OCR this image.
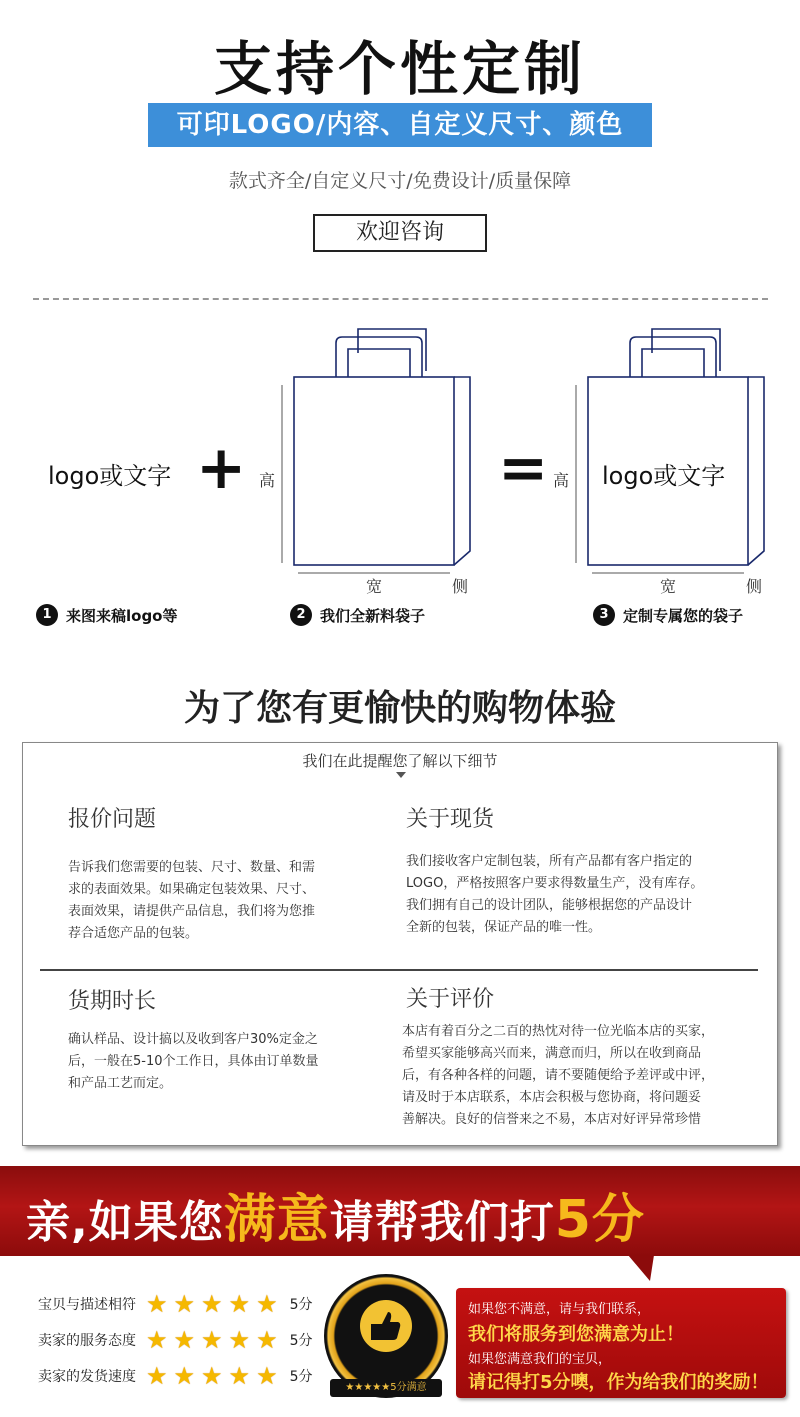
支持个性定制
可印LOGO/内容、自定义尺寸、颜色
款式齐全/自定义尺寸/免费设计/质量保障
欢迎咨询
logo或文字 + 高
宽	侧
= 高 logo或文字
宽	侧
1 来图来稿logo等	2 我们全新料袋子	3 定制专属您的袋子
为了您有更愉快的购物体验
我们在此提醒您了解以下细节
报价问题
告诉我们您需要的包装、尺寸、数量、和需
求的表面效果。如果确定包装效果、尺寸、
表面效果，请提供产品信息，我们将为您推
荐合适您产品的包装。
关于现货
我们接收客户定制包装，所有产品都有客户指定的
LOGO，严格按照客户要求得数量生产，没有库存。
我们拥有自己的设计团队，能够根据您的产品设计
全新的包装，保证产品的唯一性。
货期时长
确认样品、设计搞以及收到客户30%定金之
后，一般在5-10个工作日，具体由订单数量
和产品工艺而定。
关于评价
本店有着百分之二百的热忱对待一位光临本店的买家，
希望买家能够高兴而来，满意而归，所以在收到商品
后，有各种各样的问题，请不要随便给予差评或中评，
请及时于本店联系，本店会积极与您协商，将问题妥
善解决。良好的信誉来之不易，本店对好评异常珍惜
亲,如果您满意请帮我们打5分
宝贝与描述相符 ★★★★★ 5分
卖家的服务态度 ★★★★★ 5分
卖家的发货速度 ★★★★★ 5分
★★★★★5分满意
如果您不满意，请与我们联系，
我们将服务到您满意为止！
如果您满意我们的宝贝，
请记得打5分噢，作为给我们的奖励！
